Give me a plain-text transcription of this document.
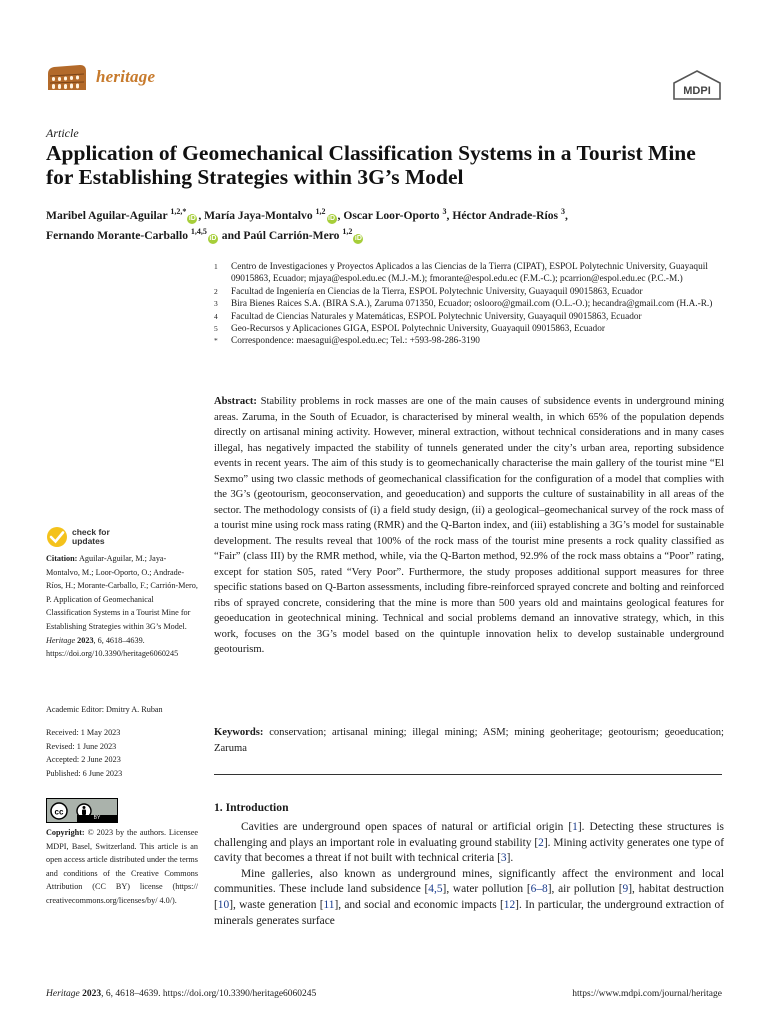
heritage
MDPI
Article
Application of Geomechanical Classification Systems in a Tourist Mine for Establishing Strategies within 3G’s Model
Maribel Aguilar-Aguilar $^{1,2,*}$iD , María Jaya-Montalvo $^{1,2}$iD , Oscar Loor-Oporto $^3$, Héctor Andrade-Ríos $^3$,
Fernando Morante-Carballo $^{1,4,5}$iD and Paúl Carrión-Mero $^{1,2}$iD
1	Centro de Investigaciones y Proyectos Aplicados a las Ciencias de la Tierra (CIPAT), ESPOL Polytechnic University, Guayaquil 09015863, Ecuador; mjaya@espol.edu.ec (M.J.-M.); fmorante@espol.edu.ec (F.M.-C.); pcarrion@espol.edu.ec (P.C.-M.)
2	Facultad de Ingeniería en Ciencias de la Tierra, ESPOL Polytechnic University, Guayaquil 09015863, Ecuador
3	Bira Bienes Raices S.A. (BIRA S.A.), Zaruma 071350, Ecuador; oslooro@gmail.com (O.L.-O.); hecandra@gmail.com (H.A.-R.)
4	Facultad de Ciencias Naturales y Matemáticas, ESPOL Polytechnic University, Guayaquil 09015863, Ecuador
5	Geo-Recursos y Aplicaciones GIGA, ESPOL Polytechnic University, Guayaquil 09015863, Ecuador
*	Correspondence: maesagui@espol.edu.ec; Tel.: +593-98-286-3190
Abstract: Stability problems in rock masses are one of the main causes of subsidence events in underground mining areas. Zaruma, in the South of Ecuador, is characterised by mineral wealth, in which 65% of the population depends directly on artisanal mining activity. However, mineral extraction, without technical considerations and in many cases illegal, has negatively impacted the stability of tunnels generated under the city’s urban area, reporting subsidence events in recent years. The aim of this study is to geomechanically characterise the main gallery of the tourist mine “El Sexmo” using two classic methods of geomechanical classification for the configuration of a model that complies with the 3G’s (geotourism, geoconservation, and geoeducation) and supports the culture of sustainability in all areas of the sector. The methodology consists of (i) a field study design, (ii) a geological–geomechanical survey of the rock mass of a tourist mine using rock mass rating (RMR) and the Q-Barton index, and (iii) establishing a 3G’s model for sustainable development. The results reveal that 100% of the rock mass of the tourist mine presents a rock quality classified as “Fair” (class III) by the RMR method, while, via the Q-Barton method, 92.9% of the rock mass obtains a “Poor” rating, except for station S05, rated “Very Poor”. Furthermore, the study proposes additional support measures for three specific stations based on Q-Barton assessments, including fibre-reinforced sprayed concrete and bolting and reinforced ribs of sprayed concrete, considering that the mine is more than 500 years old and maintains geological features for geoeducation in geotechnical mining. Technical and social problems demand an innovative strategy, which, in this work, focuses on the 3G’s model based on the quintuple innovation helix to develop sustainable underground geotourism.
Keywords: conservation; artisanal mining; illegal mining; ASM; mining geoheritage; geotourism; geoeducation; Zaruma
1. Introduction

Cavities are underground open spaces of natural or artificial origin [1]. Detecting these structures is challenging and plays an important role in evaluating ground stability [2]. Mining activity generates one type of cavity that becomes a threat if not built with technical criteria [3].

Mine galleries, also known as underground mines, significantly affect the environment and local communities. These include land subsidence [4,5], water pollution [6–8], air pollution [9], habitat destruction [10], waste generation [11], and social and economic impacts [12]. In particular, the underground extraction of minerals generates surface

check for
updates
Citation: Aguilar-Aguilar, M.; Jaya-Montalvo, M.; Loor-Oporto, O.; Andrade-Ríos, H.; Morante-Carballo, F.; Carrión-Mero, P. Application of Geomechanical Classification Systems in a Tourist Mine for Establishing Strategies within 3G’s Model. Heritage 2023, 6, 4618–4639. https://doi.org/10.3390/heritage6060245
Academic Editor: Dmitry A. Ruban
Received: 1 May 2023
Revised: 1 June 2023
Accepted: 2 June 2023
Published: 6 June 2023
cc
BY
Copyright: © 2023 by the authors. Licensee MDPI, Basel, Switzerland. This article is an open access article distributed under the terms and conditions of the Creative Commons Attribution (CC BY) license (https:// creativecommons.org/licenses/by/ 4.0/).
Heritage 2023, 6, 4618–4639. https://doi.org/10.3390/heritage6060245	https://www.mdpi.com/journal/heritage
